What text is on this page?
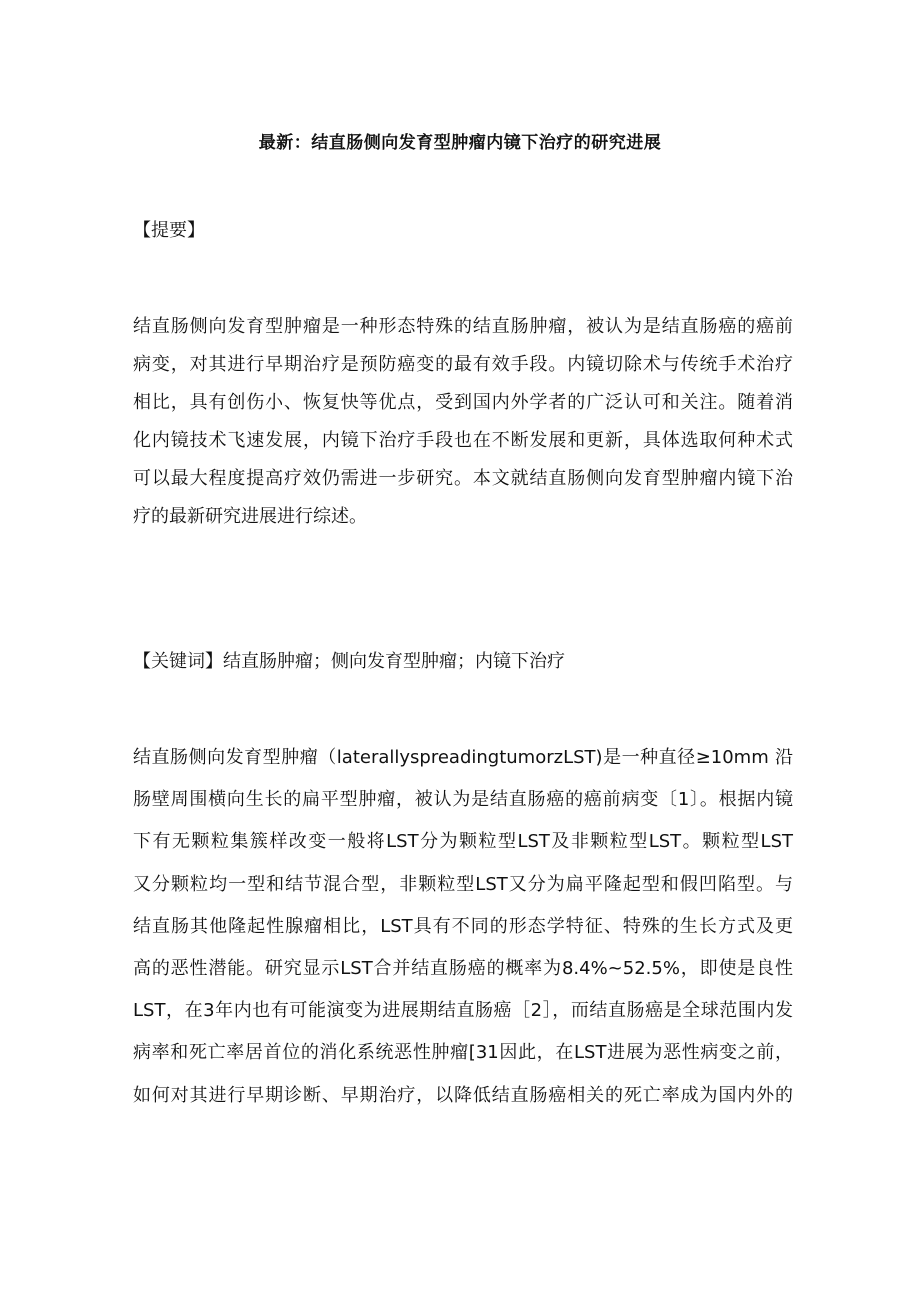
最新：结直肠侧向发育型肿瘤内镜下治疗的研究进展
【提要】
结直肠侧向发育型肿瘤是一种形态特殊的结直肠肿瘤，被认为是结直肠癌的癌前
病变，对其进行早期治疗是预防癌变的最有效手段。内镜切除术与传统手术治疗
相比，具有创伤小、恢复快等优点，受到国内外学者的广泛认可和关注。随着消
化内镜技术飞速发展，内镜下治疗手段也在不断发展和更新，具体选取何种术式
可以最大程度提高疗效仍需进一步研究。本文就结直肠侧向发育型肿瘤内镜下治
疗的最新研究进展进行综述。
【关键词】结直肠肿瘤；侧向发育型肿瘤；内镜下治疗
结直肠侧向发育型肿瘤（laterallyspreadingtumorzLST)是一种直径≥10mm 沿
肠壁周围横向生长的扁平型肿瘤，被认为是结直肠癌的癌前病变〔1〕。根据内镜
下有无颗粒集簇样改变一般将LST分为颗粒型LST及非颗粒型LST。颗粒型LST
又分颗粒均一型和结节混合型，非颗粒型LST又分为扁平隆起型和假凹陷型。与
结直肠其他隆起性腺瘤相比，LST具有不同的形态学特征、特殊的生长方式及更
高的恶性潜能。研究显示LST合并结直肠癌的概率为8.4%~52.5%，即使是良性
LST，在3年内也有可能演变为进展期结直肠癌［2］，而结直肠癌是全球范围内发
病率和死亡率居首位的消化系统恶性肿瘤[31因此，在LST进展为恶性病变之前，
如何对其进行早期诊断、早期治疗，以降低结直肠癌相关的死亡率成为国内外的
